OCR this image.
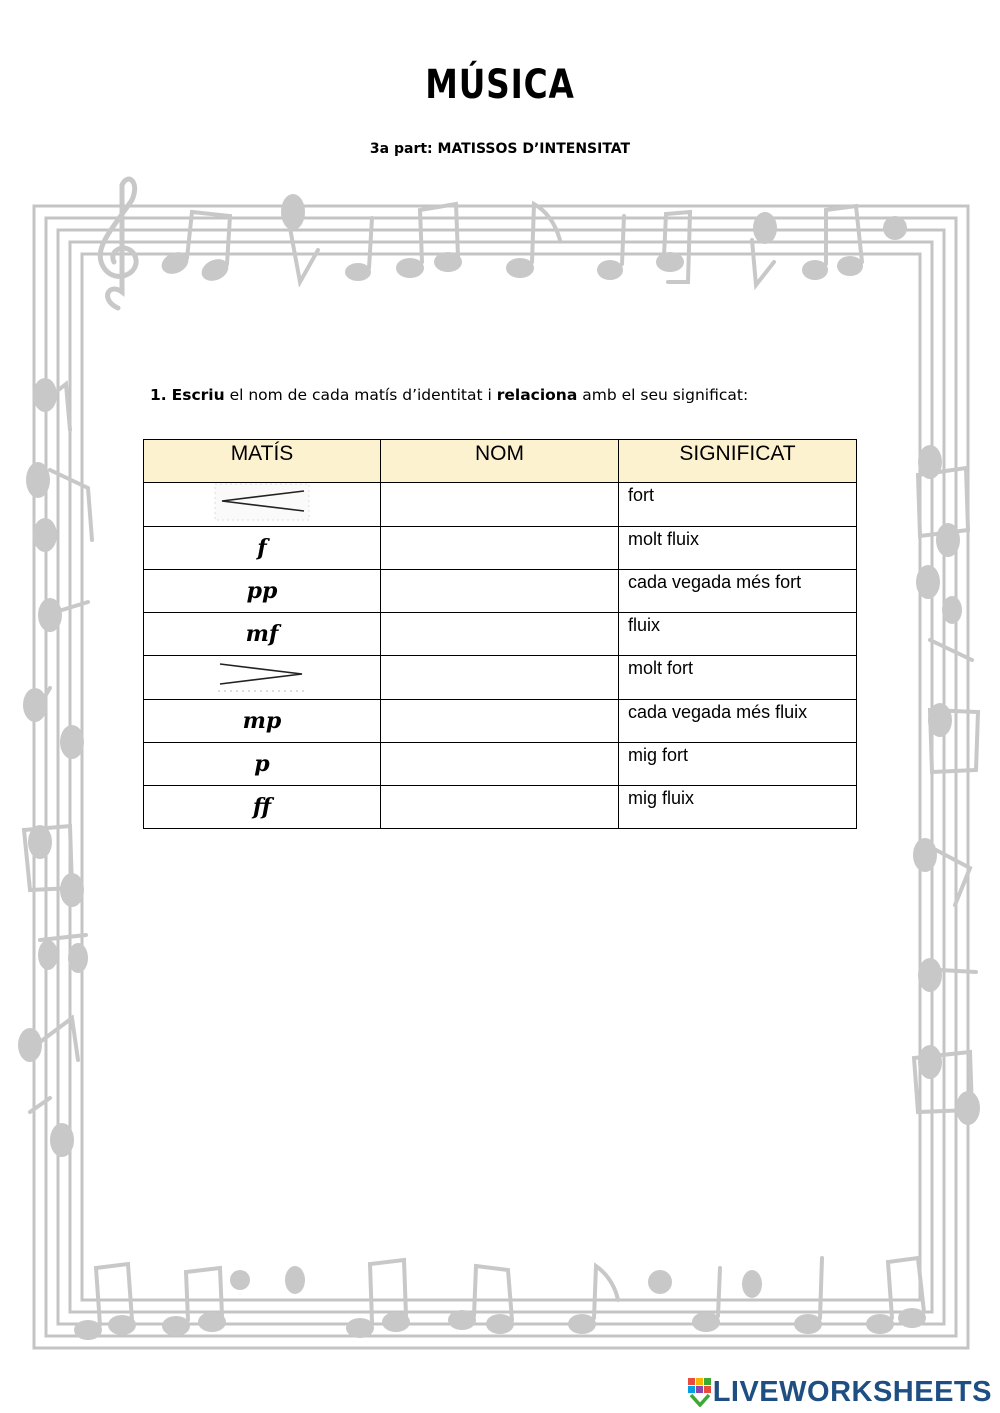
MÚSICA
3a part: MATISSOS D’INTENSITAT
1. Escriu el nom de cada matís d’identitat i relaciona amb el seu significat:
MATÍS	NOM	SIGNIFICAT
		fort
f		molt fluix
pp		cada vegada més fort
mf		fluix
		molt fort
mp		cada vegada més fluix
p		mig fort
ff		mig fluix
LIVEWORKSHEETS
